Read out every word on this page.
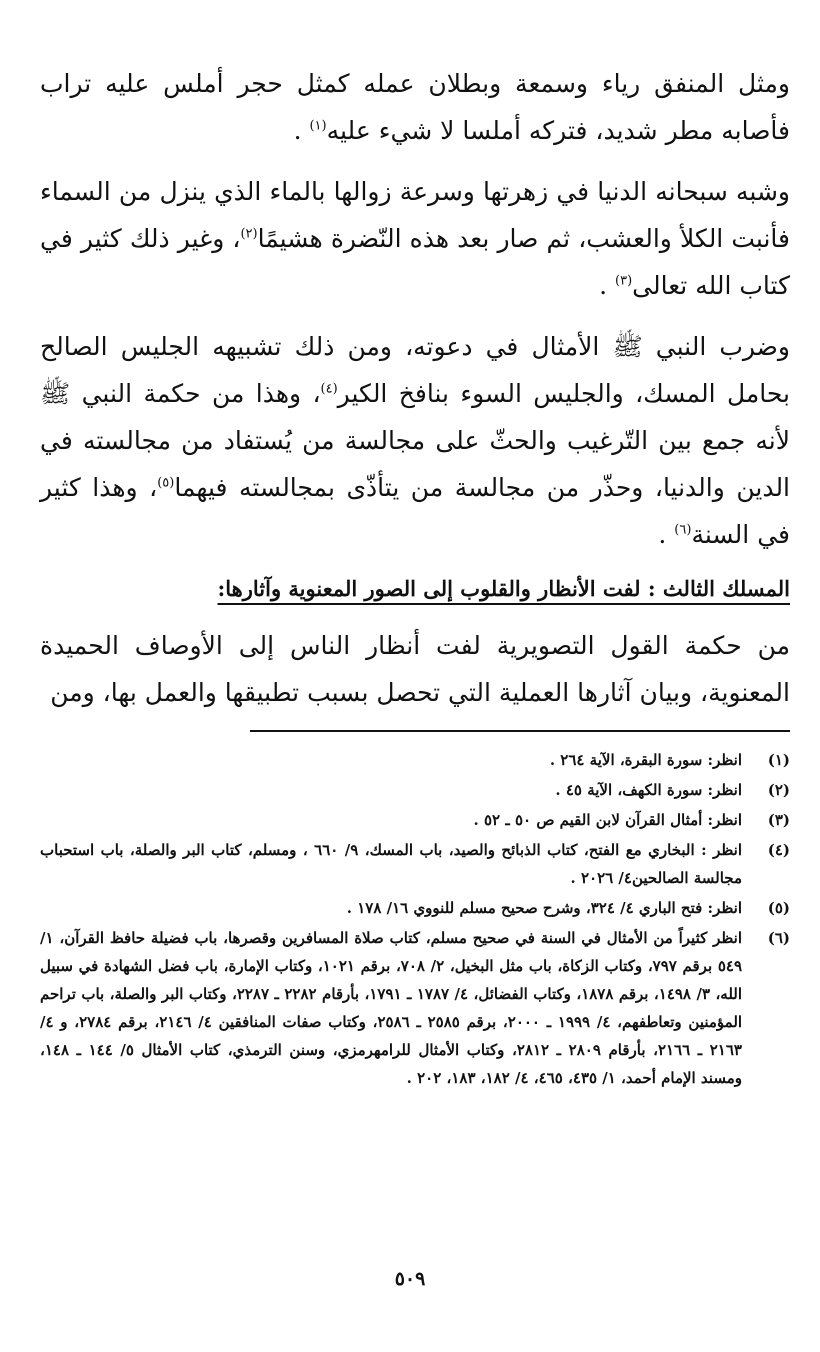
ومثل المنفق رياء وسمعة وبطلان عمله كمثل حجر أملس عليه تراب فأصابه مطر شديد، فتركه أملسا لا شيء عليه$^{(١)}$ .

وشبه سبحانه الدنيا في زهرتها وسرعة زوالها بالماء الذي ينزل من السماء فأنبت الكلأ والعشب، ثم صار بعد هذه النّضرة هشيمًا$^{(٢)}$، وغير ذلك كثير في كتاب الله تعالى$^{(٣)}$ .

وضرب النبي ﷺ الأمثال في دعوته، ومن ذلك تشبيهه الجليس الصالح بحامل المسك، والجليس السوء بنافخ الكير$^{(٤)}$، وهذا من حكمة النبي ﷺ لأنه جمع بين التّرغيب والحثّ على مجالسة من يُستفاد من مجالسته في الدين والدنيا، وحذّر من مجالسة من يتأذّى بمجالسته فيهما$^{(٥)}$، وهذا كثير في السنة$^{(٦)}$ .

المسلك الثالث : لفت الأنظار والقلوب إلى الصور المعنوية وآثارها:

من حكمة القول التصويرية لفت أنظار الناس إلى الأوصاف الحميدة المعنوية، وبيان آثارها العملية التي تحصل بسبب تطبيقها والعمل بها، ومن

(١)
انظر: سورة البقرة، الآية ٢٦٤ .
(٢)
انظر: سورة الكهف، الآية ٤٥ .
(٣)
انظر: أمثال القرآن لابن القيم ص ٥٠ ـ ٥٢ .
(٤)
انظر : البخاري مع الفتح، كتاب الذبائح والصيد، باب المسك، ٩/ ٦٦٠ ، ومسلم، كتاب البر والصلة، باب استحباب مجالسة الصالحين٤/ ٢٠٢٦ .
(٥)
انظر: فتح الباري ٤/ ٣٢٤، وشرح صحيح مسلم للنووي ١٦/ ١٧٨ .
(٦)
انظر كثيراً من الأمثال في السنة في صحيح مسلم، كتاب صلاة المسافرين وقصرها، باب فضيلة حافظ القرآن، ١/ ٥٤٩ برقم ٧٩٧، وكتاب الزكاة، باب مثل البخيل، ٢/ ٧٠٨، برقم ١٠٢١، وكتاب الإمارة، باب فضل الشهادة في سبيل الله، ٣/ ١٤٩٨، برقم ١٨٧٨، وكتاب الفضائل، ٤/ ١٧٨٧ ـ ١٧٩١، بأرقام ٢٢٨٢ ـ ٢٢٨٧، وكتاب البر والصلة، باب تراحم المؤمنين وتعاطفهم، ٤/ ١٩٩٩ ـ ٢٠٠٠، برقم ٢٥٨٥ ـ ٢٥٨٦، وكتاب صفات المنافقين ٤/ ٢١٤٦، برقم ٢٧٨٤، و ٤/ ٢١٦٣ ـ ٢١٦٦، بأرقام ٢٨٠٩ ـ ٢٨١٢، وكتاب الأمثال للرامهرمزي، وسنن الترمذي، كتاب الأمثال ٥/ ١٤٤ ـ ١٤٨، ومسند الإمام أحمد، ١/ ٤٣٥، ٤٦٥، ٤/ ١٨٢، ١٨٣، ٢٠٢ .
٥٠٩
